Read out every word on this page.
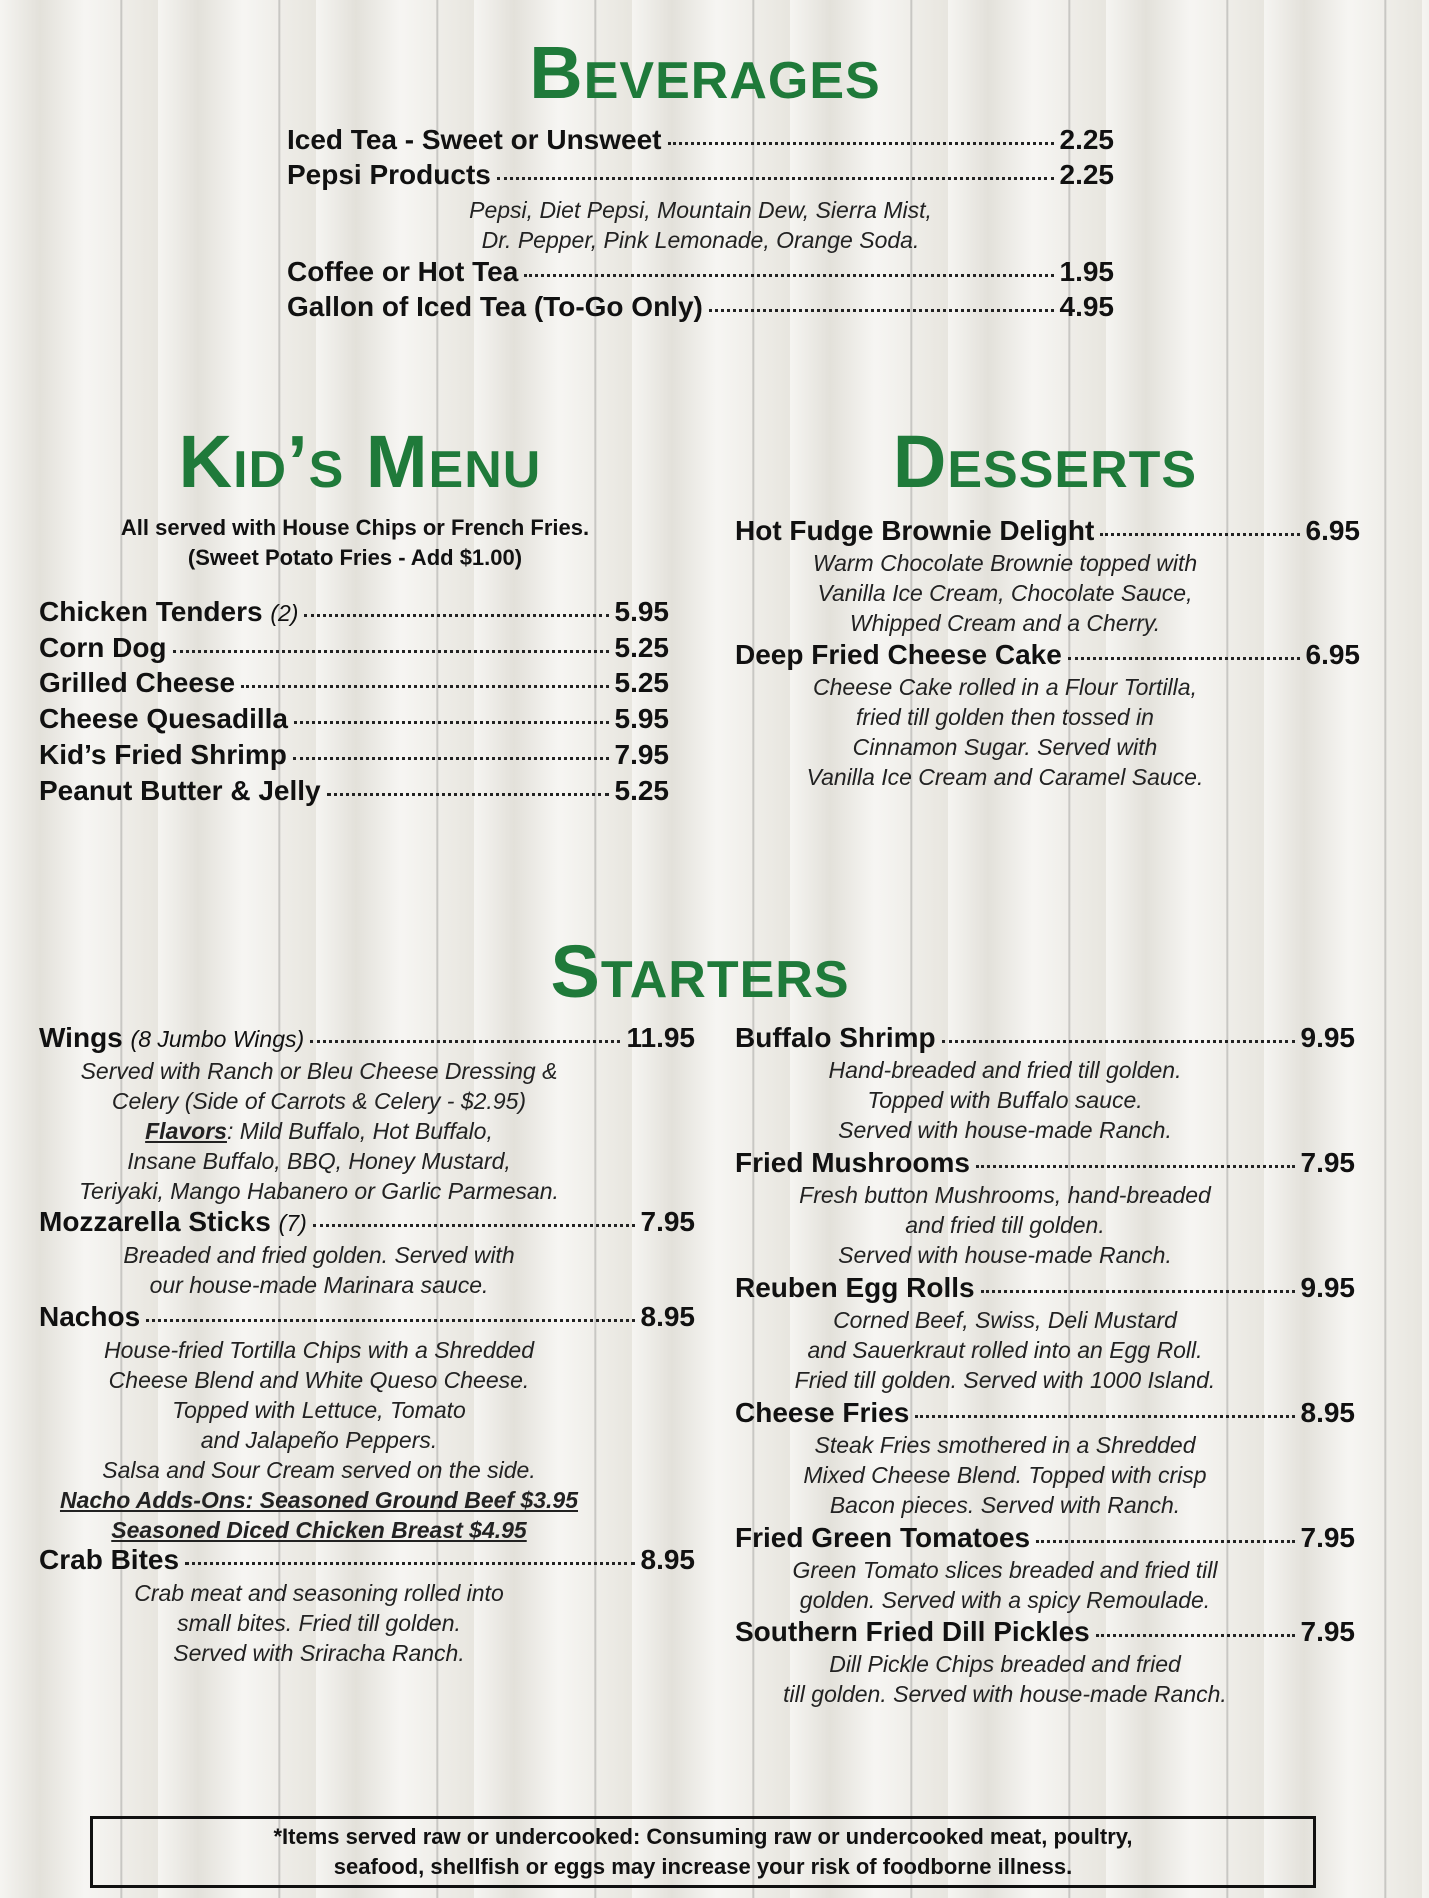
Beverages
Iced Tea - Sweet or Unsweet	2.25
Pepsi Products	2.25
Pepsi, Diet Pepsi, Mountain Dew, Sierra Mist,
Dr. Pepper, Pink Lemonade, Orange Soda.
Coffee or Hot Tea	1.95
Gallon of Iced Tea (To-Go Only)	4.95
Kid’s Menu
All served with House Chips or French Fries.
(Sweet Potato Fries - Add $1.00)
Chicken Tenders (2)	5.95
Corn Dog	5.25
Grilled Cheese	5.25
Cheese Quesadilla	5.95
Kid’s Fried Shrimp	7.95
Peanut Butter & Jelly	5.25
Desserts
Hot Fudge Brownie Delight	6.95
Warm Chocolate Brownie topped with
Vanilla Ice Cream, Chocolate Sauce,
Whipped Cream and a Cherry.
Deep Fried Cheese Cake	6.95
Cheese Cake rolled in a Flour Tortilla,
fried till golden then tossed in
Cinnamon Sugar. Served with
Vanilla Ice Cream and Caramel Sauce.
Starters
Wings (8 Jumbo Wings)	11.95
Served with Ranch or Bleu Cheese Dressing &
Celery (Side of Carrots & Celery - $2.95)
Flavors: Mild Buffalo, Hot Buffalo,
Insane Buffalo, BBQ, Honey Mustard,
Teriyaki, Mango Habanero or Garlic Parmesan.
Mozzarella Sticks (7)	7.95
Breaded and fried golden. Served with
our house-made Marinara sauce.
Nachos	8.95
House-fried Tortilla Chips with a Shredded
Cheese Blend and White Queso Cheese.
Topped with Lettuce, Tomato
and Jalapeño Peppers.
Salsa and Sour Cream served on the side.
Nacho Adds-Ons: Seasoned Ground Beef $3.95
Seasoned Diced Chicken Breast $4.95
Crab Bites	8.95
Crab meat and seasoning rolled into
small bites. Fried till golden.
Served with Sriracha Ranch.
Buffalo Shrimp	9.95
Hand-breaded and fried till golden.
Topped with Buffalo sauce.
Served with house-made Ranch.
Fried Mushrooms	7.95
Fresh button Mushrooms, hand-breaded
and fried till golden.
Served with house-made Ranch.
Reuben Egg Rolls	9.95
Corned Beef, Swiss, Deli Mustard
and Sauerkraut rolled into an Egg Roll.
Fried till golden. Served with 1000 Island.
Cheese Fries	8.95
Steak Fries smothered in a Shredded
Mixed Cheese Blend. Topped with crisp
Bacon pieces. Served with Ranch.
Fried Green Tomatoes	7.95
Green Tomato slices breaded and fried till
golden. Served with a spicy Remoulade.
Southern Fried Dill Pickles	7.95
Dill Pickle Chips breaded and fried
till golden. Served with house-made Ranch.
*Items served raw or undercooked: Consuming raw or undercooked meat, poultry,
seafood, shellfish or eggs may increase your risk of foodborne illness.
